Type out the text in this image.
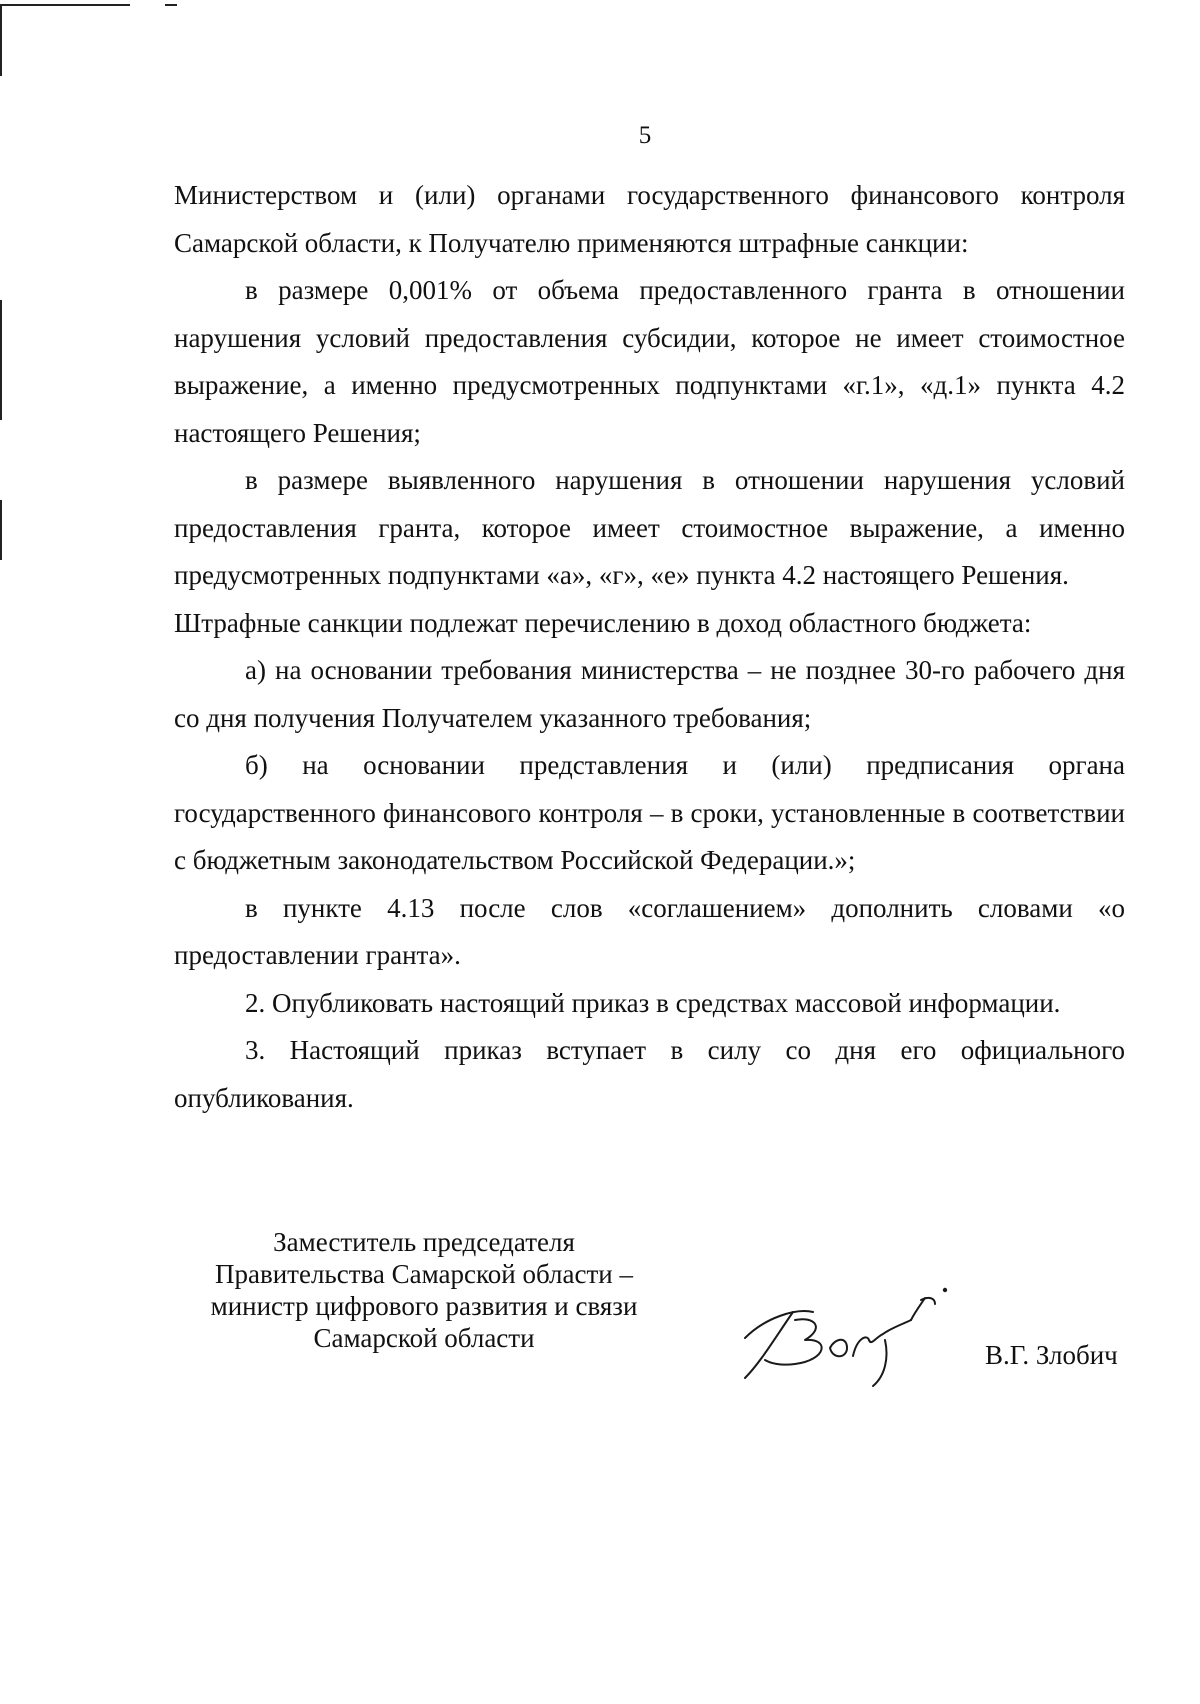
5

Министерством и (или) органами государственного финансового контроля Самарской области, к Получателю применяются штрафные санкции:

в размере 0,001% от объема предоставленного гранта в отношении нарушения условий предоставления субсидии, которое не имеет стоимостное выражение, а именно предусмотренных подпунктами «г.1», «д.1» пункта 4.2 настоящего Решения;

в размере выявленного нарушения в отношении нарушения условий предоставления гранта, которое имеет стоимостное выражение, а именно предусмотренных подпунктами «а», «г», «е» пункта 4.2 настоящего Решения.

Штрафные санкции подлежат перечислению в доход областного бюджета:

а) на основании требования министерства – не позднее 30-го рабочего дня со дня получения Получателем указанного требования;

б) на основании представления и (или) предписания органа государственного финансового контроля – в сроки, установленные в соответствии с бюджетным законодательством Российской Федерации.»;

в пункте 4.13 после слов «соглашением» дополнить словами «о предоставлении гранта».

2. Опубликовать настоящий приказ в средствах массовой информации.

3. Настоящий приказ вступает в силу со дня его официального опубликования.

Заместитель председателя
Правительства Самарской области –
министр цифрового развития и связи
Самарской области
В.Г. Злобич
